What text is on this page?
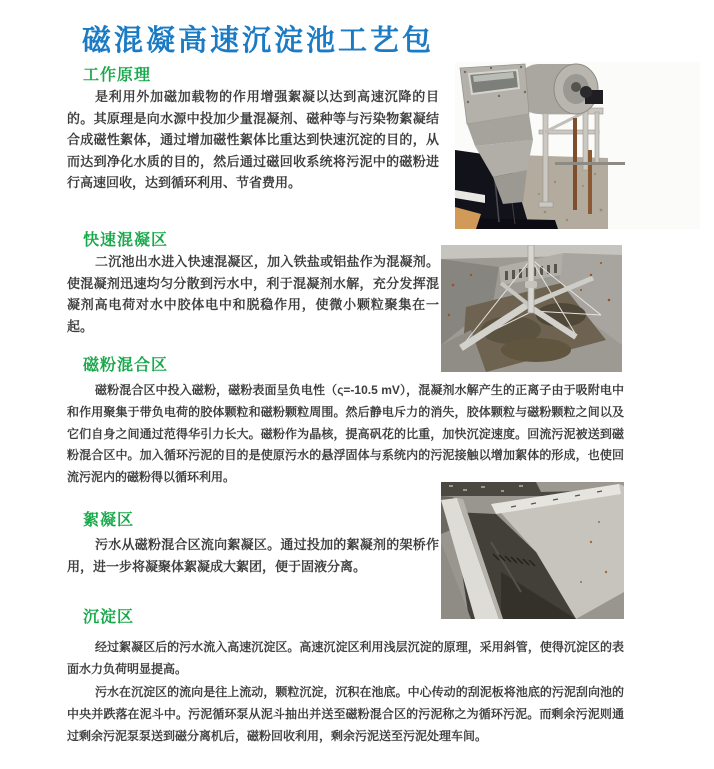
磁混凝高速沉淀池工艺包
工作原理

是利用外加磁加载物的作用增强絮凝以达到高速沉降的目的。其原理是向水源中投加少量混凝剂、磁种等与污染物絮凝结合成磁性絮体，通过增加磁性絮体比重达到快速沉淀的目的，从而达到净化水质的目的，然后通过磁回收系统将污泥中的磁粉进行高速回收，达到循环利用、节省费用。

快速混凝区

二沉池出水进入快速混凝区，加入铁盐或铝盐作为混凝剂。使混凝剂迅速均匀分散到污水中，利于混凝剂水解，充分发挥混凝剂高电荷对水中胶体电中和脱稳作用，使微小颗粒聚集在一起。

磁粉混合区

磁粉混合区中投入磁粉，磁粉表面呈负电性（ς=-10.5 mV），混凝剂水解产生的正离子由于吸附电中和作用聚集于带负电荷的胶体颗粒和磁粉颗粒周围。然后静电斥力的消失，胶体颗粒与磁粉颗粒之间以及它们自身之间通过范得华引力长大。磁粉作为晶核，提高矾花的比重，加快沉淀速度。回流污泥被送到磁粉混合区中。加入循环污泥的目的是使原污水的悬浮固体与系统内的污泥接触以增加絮体的形成，也使回流污泥内的磁粉得以循环利用。

絮凝区

污水从磁粉混合区流向絮凝区。通过投加的絮凝剂的架桥作用，进一步将凝聚体絮凝成大絮团，便于固液分离。

沉淀区

经过絮凝区后的污水流入高速沉淀区。高速沉淀区利用浅层沉淀的原理，采用斜管，使得沉淀区的表面水力负荷明显提高。

污水在沉淀区的流向是往上流动，颗粒沉淀，沉积在池底。中心传动的刮泥板将池底的污泥刮向池的中央并跌落在泥斗中。污泥循环泵从泥斗抽出并送至磁粉混合区的污泥称之为循环污泥。而剩余污泥则通过剩余污泥泵泵送到磁分离机后，磁粉回收利用，剩余污泥送至污泥处理车间。
